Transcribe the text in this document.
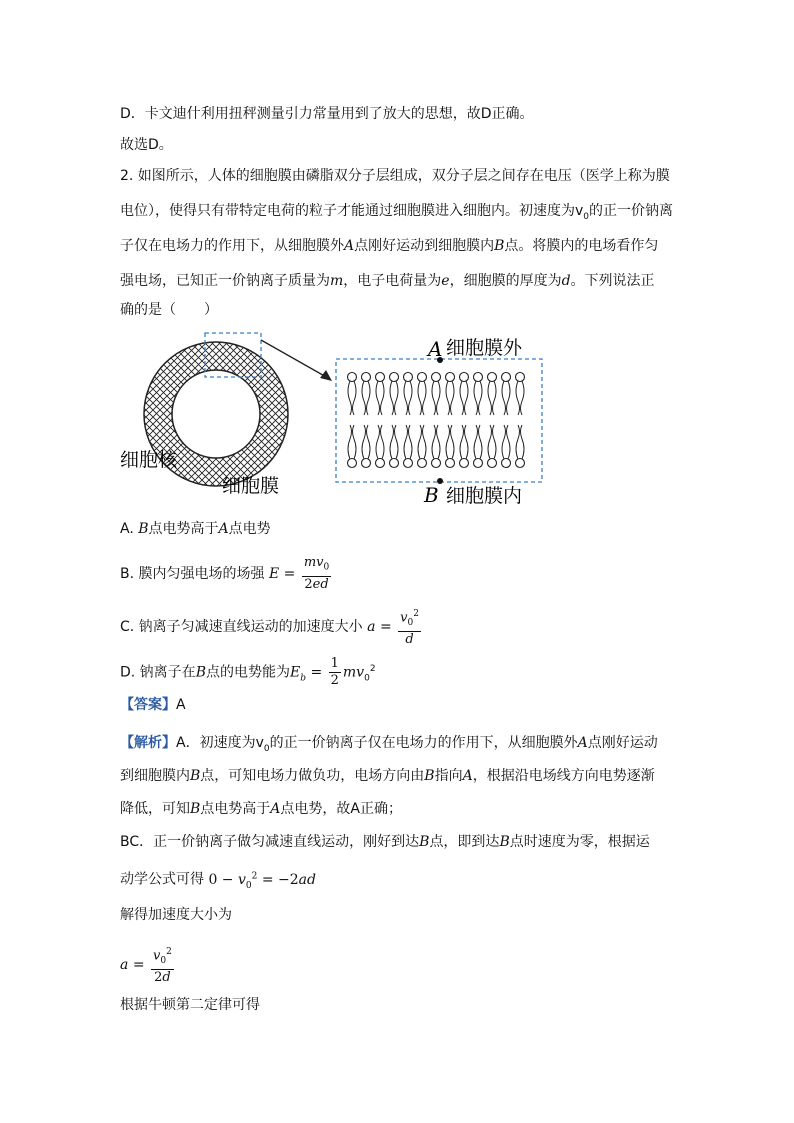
D．卡文迪什利用扭秤测量引力常量用到了放大的思想，故D正确。
故选D。
2. 如图所示，人体的细胞膜由磷脂双分子层组成，双分子层之间存在电压（医学上称为膜
电位），使得只有带特定电荷的粒子才能通过细胞膜进入细胞内。初速度为$v_0$的正一价钠离
子仅在电场力的作用下，从细胞膜外A点刚好运动到细胞膜内B点。将膜内的电场看作匀
强电场，已知正一价钠离子质量为m，电子电荷量为e，细胞膜的厚度为d。下列说法正
确的是（　　）
A 细胞膜外
B 细胞膜内
细胞核
细胞膜
A. B点电势高于A点电势
B. 膜内匀强电场的场强 $E = \frac{mv_0}{2ed}$
C. 钠离子匀减速直线运动的加速度大小 $a = \frac{v_0^2}{d}$
D. 钠离子在B点的电势能为$E_b = \frac{1}{2} mv_0^2$
【答案】A
【解析】A．初速度为$v_0$的正一价钠离子仅在电场力的作用下，从细胞膜外A点刚好运动
到细胞膜内B点，可知电场力做负功，电场方向由B指向A，根据沿电场线方向电势逐渐
降低，可知B点电势高于A点电势，故A正确；
BC．正一价钠离子做匀减速直线运动，刚好到达B点，即到达B点时速度为零，根据运
动学公式可得 $0 - v_0^2 = -2ad$
解得加速度大小为
$a = \frac{v_0^2}{2d}$
根据牛顿第二定律可得
